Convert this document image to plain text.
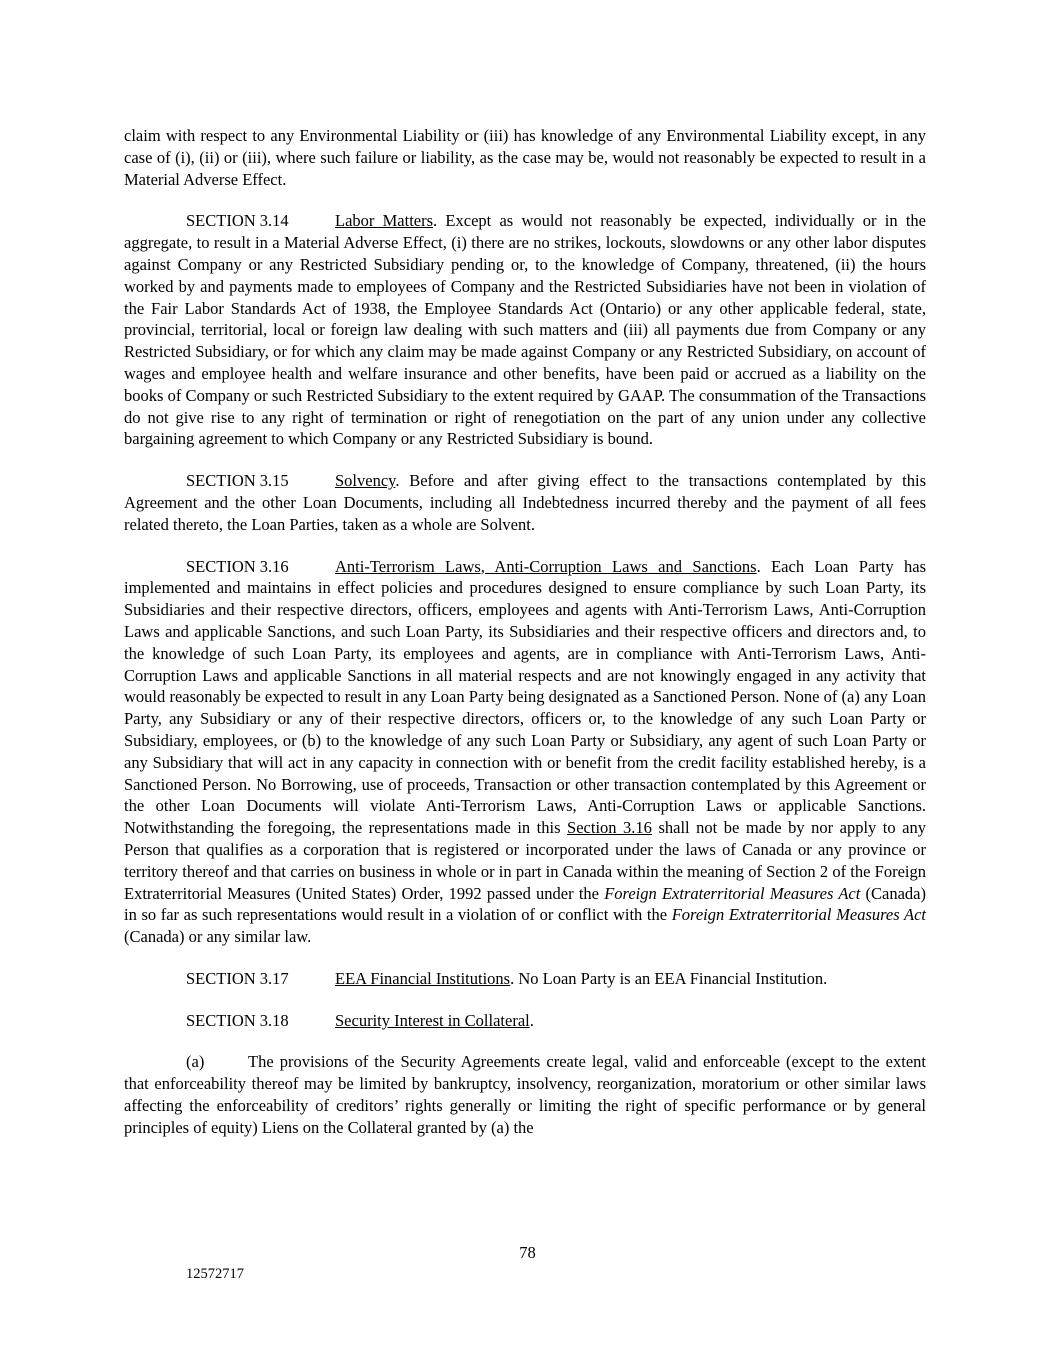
claim with respect to any Environmental Liability or (iii) has knowledge of any Environmental Liability except, in any case of (i), (ii) or (iii), where such failure or liability, as the case may be, would not reasonably be expected to result in a Material Adverse Effect.

SECTION 3.14	Labor Matters. Except as would not reasonably be expected, individually or in the aggregate, to result in a Material Adverse Effect, (i) there are no strikes, lockouts, slowdowns or any other labor disputes against Company or any Restricted Subsidiary pending or, to the knowledge of Company, threatened, (ii) the hours worked by and payments made to employees of Company and the Restricted Subsidiaries have not been in violation of the Fair Labor Standards Act of 1938, the Employee Standards Act (Ontario) or any other applicable federal, state, provincial, territorial, local or foreign law dealing with such matters and (iii) all payments due from Company or any Restricted Subsidiary, or for which any claim may be made against Company or any Restricted Subsidiary, on account of wages and employee health and welfare insurance and other benefits, have been paid or accrued as a liability on the books of Company or such Restricted Subsidiary to the extent required by GAAP. The consummation of the Transactions do not give rise to any right of termination or right of renegotiation on the part of any union under any collective bargaining agreement to which Company or any Restricted Subsidiary is bound.

SECTION 3.15	Solvency. Before and after giving effect to the transactions contemplated by this Agreement and the other Loan Documents, including all Indebtedness incurred thereby and the payment of all fees related thereto, the Loan Parties, taken as a whole are Solvent.

SECTION 3.16	Anti-Terrorism Laws, Anti-Corruption Laws and Sanctions. Each Loan Party has implemented and maintains in effect policies and procedures designed to ensure compliance by such Loan Party, its Subsidiaries and their respective directors, officers, employees and agents with Anti-Terrorism Laws, Anti-Corruption Laws and applicable Sanctions, and such Loan Party, its Subsidiaries and their respective officers and directors and, to the knowledge of such Loan Party, its employees and agents, are in compliance with Anti-Terrorism Laws, Anti-Corruption Laws and applicable Sanctions in all material respects and are not knowingly engaged in any activity that would reasonably be expected to result in any Loan Party being designated as a Sanctioned Person. None of (a) any Loan Party, any Subsidiary or any of their respective directors, officers or, to the knowledge of any such Loan Party or Subsidiary, employees, or (b) to the knowledge of any such Loan Party or Subsidiary, any agent of such Loan Party or any Subsidiary that will act in any capacity in connection with or benefit from the credit facility established hereby, is a Sanctioned Person. No Borrowing, use of proceeds, Transaction or other transaction contemplated by this Agreement or the other Loan Documents will violate Anti-Terrorism Laws, Anti-Corruption Laws or applicable Sanctions. Notwithstanding the foregoing, the representations made in this Section 3.16 shall not be made by nor apply to any Person that qualifies as a corporation that is registered or incorporated under the laws of Canada or any province or territory thereof and that carries on business in whole or in part in Canada within the meaning of Section 2 of the Foreign Extraterritorial Measures (United States) Order, 1992 passed under the Foreign Extraterritorial Measures Act (Canada) in so far as such representations would result in a violation of or conflict with the Foreign Extraterritorial Measures Act (Canada) or any similar law.

SECTION 3.17	EEA Financial Institutions. No Loan Party is an EEA Financial Institution.

SECTION 3.18	Security Interest in Collateral.

(a)	The provisions of the Security Agreements create legal, valid and enforceable (except to the extent that enforceability thereof may be limited by bankruptcy, insolvency, reorganization, moratorium or other similar laws affecting the enforceability of creditors’ rights generally or limiting the right of specific performance or by general principles of equity) Liens on the Collateral granted by (a) the

78
12572717
